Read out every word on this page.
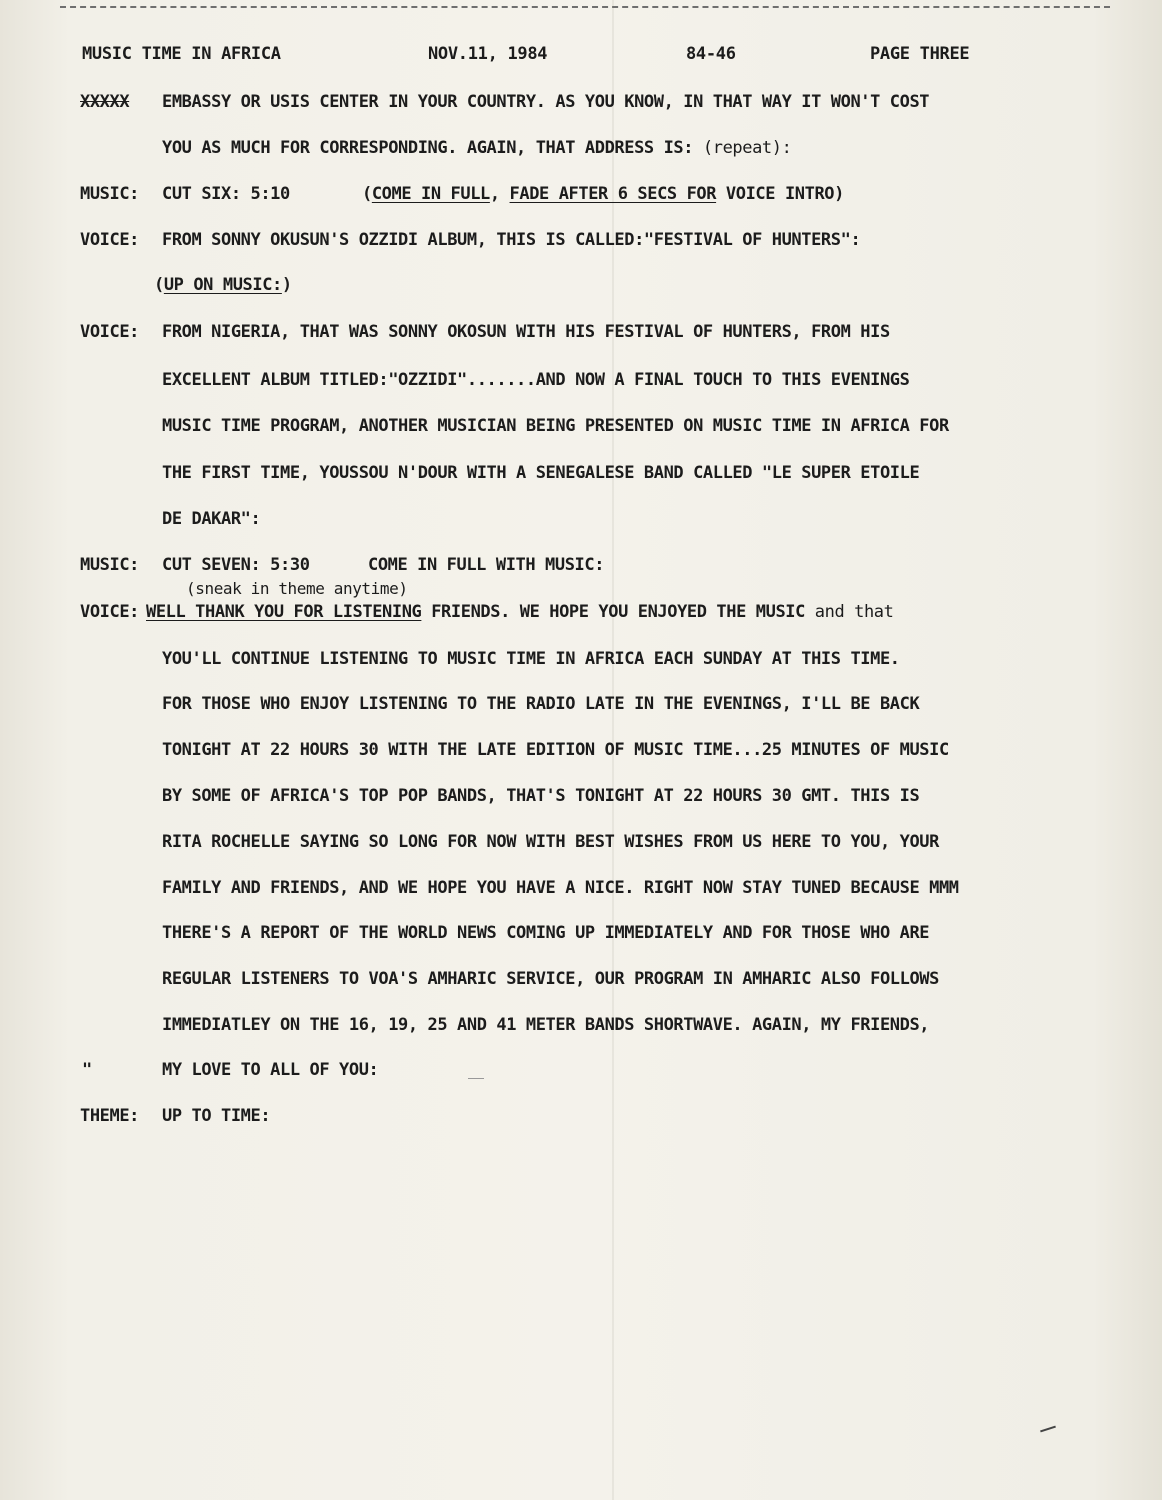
MUSIC TIME IN AFRICA	NOV.11, 1984	84-46	PAGE THREE
XXXXX EMBASSY OR USIS CENTER IN YOUR COUNTRY. AS YOU KNOW, IN THAT WAY IT WON'T COST
YOU AS MUCH FOR CORRESPONDING. AGAIN, THAT ADDRESS IS: (repeat):
MUSIC: CUT SIX: 5:10	(COME IN FULL, FADE AFTER 6 SECS FOR VOICE INTRO)
VOICE: FROM SONNY OKUSUN'S OZZIDI ALBUM, THIS IS CALLED:"FESTIVAL OF HUNTERS":
(UP ON MUSIC:)
VOICE: FROM NIGERIA, THAT WAS SONNY OKOSUN WITH HIS FESTIVAL OF HUNTERS, FROM HIS
EXCELLENT ALBUM TITLED:"OZZIDI".......AND NOW A FINAL TOUCH TO THIS EVENINGS
MUSIC TIME PROGRAM, ANOTHER MUSICIAN BEING PRESENTED ON MUSIC TIME IN AFRICA FOR
THE FIRST TIME, YOUSSOU N'DOUR WITH A SENEGALESE BAND CALLED "LE SUPER ETOILE
DE DAKAR":
MUSIC: CUT SEVEN: 5:30	COME IN FULL WITH MUSIC:
(sneak in theme anytime)
VOICE: WELL THANK YOU FOR LISTENING FRIENDS. WE HOPE YOU ENJOYED THE MUSIC and that
YOU'LL CONTINUE LISTENING TO MUSIC TIME IN AFRICA EACH SUNDAY AT THIS TIME.
FOR THOSE WHO ENJOY LISTENING TO THE RADIO LATE IN THE EVENINGS, I'LL BE BACK
TONIGHT AT 22 HOURS 30 WITH THE LATE EDITION OF MUSIC TIME...25 MINUTES OF MUSIC
BY SOME OF AFRICA'S TOP POP BANDS, THAT'S TONIGHT AT 22 HOURS 30 GMT. THIS IS
RITA ROCHELLE SAYING SO LONG FOR NOW WITH BEST WISHES FROM US HERE TO YOU, YOUR
FAMILY AND FRIENDS, AND WE HOPE YOU HAVE A NICE. RIGHT NOW STAY TUNED BECAUSE MMM
THERE'S A REPORT OF THE WORLD NEWS COMING UP IMMEDIATELY AND FOR THOSE WHO ARE
REGULAR LISTENERS TO VOA'S AMHARIC SERVICE, OUR PROGRAM IN AMHARIC ALSO FOLLOWS
IMMEDIATLEY ON THE 16, 19, 25 AND 41 METER BANDS SHORTWAVE. AGAIN, MY FRIENDS,
"	MY LOVE TO ALL OF YOU:
THEME: UP TO TIME:
